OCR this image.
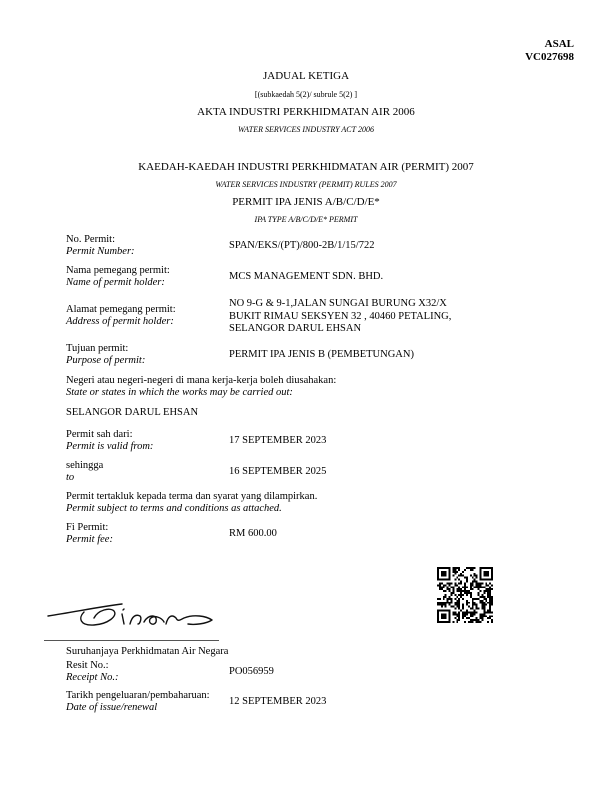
ASAL
VC027698
JADUAL KETIGA
[(subkaedah 5(2)/ subrule 5(2) ]
AKTA INDUSTRI PERKHIDMATAN AIR 2006
WATER SERVICES INDUSTRY ACT 2006
KAEDAH-KAEDAH INDUSTRI PERKHIDMATAN AIR (PERMIT) 2007
WATER SERVICES INDUSTRY (PERMIT) RULES 2007
PERMIT IPA JENIS A/B/C/D/E*
IPA TYPE A/B/C/D/E* PERMIT
No. Permit:
Permit Number:
SPAN/EKS/(PT)/800-2B/1/15/722
Nama pemegang permit:
Name of permit holder:
MCS MANAGEMENT SDN. BHD.
Alamat pemegang permit:
Address of permit holder:
NO 9-G & 9-1,JALAN SUNGAI BURUNG X32/X
BUKIT RIMAU SEKSYEN 32 , 40460 PETALING,
SELANGOR DARUL EHSAN
Tujuan permit:
Purpose of permit:
PERMIT IPA JENIS B (PEMBETUNGAN)
Negeri atau negeri-negeri di mana kerja-kerja boleh diusahakan:
State or states in which the works may be carried out:
SELANGOR DARUL EHSAN
Permit sah dari:
Permit is valid from:
17 SEPTEMBER 2023
sehingga
to
16 SEPTEMBER 2025
Permit tertakluk kepada terma dan syarat yang dilampirkan.
Permit subject to terms and conditions as attached.
Fi Permit:
Permit fee:
RM 600.00
Suruhanjaya Perkhidmatan Air Negara
Resit No.:
Receipt No.:
PO056959
Tarikh pengeluaran/pembaharuan:
Date of issue/renewal
12 SEPTEMBER 2023
